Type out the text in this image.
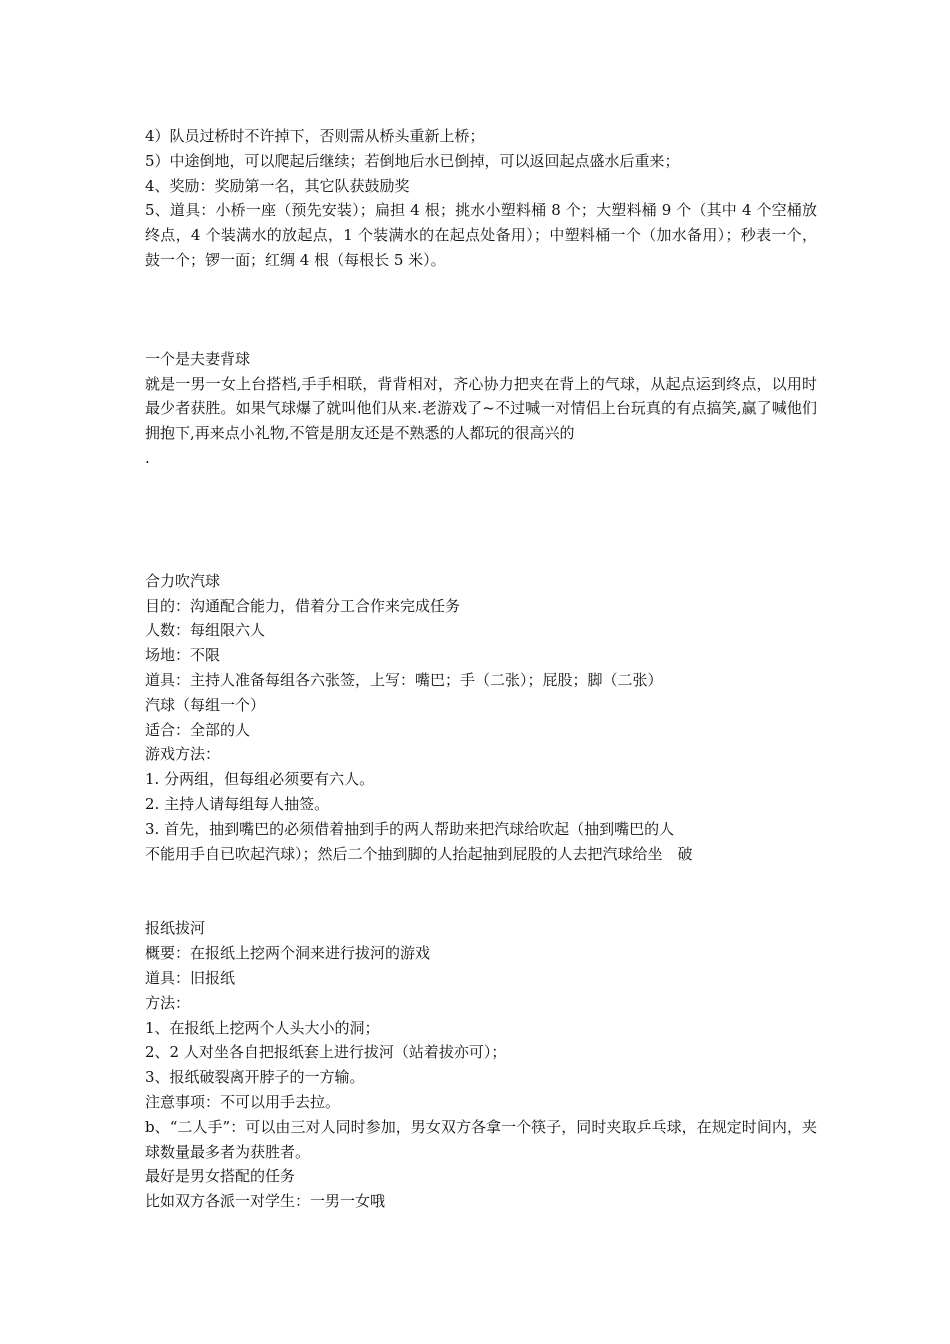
4）队员过桥时不许掉下，否则需从桥头重新上桥；
5）中途倒地，可以爬起后继续；若倒地后水已倒掉，可以返回起点盛水后重来；
4、奖励：奖励第一名，其它队获鼓励奖
5、道具：小桥一座（预先安装）；扁担 4 根；挑水小塑料桶 8 个；大塑料桶 9 个（其中 4 个空桶放终点，4 个装满水的放起点，1 个装满水的在起点处备用）；中塑料桶一个（加水备用）；秒表一个，鼓一个；锣一面；红绸 4 根（每根长 5 米）。
一个是夫妻背球
就是一男一女上台搭档,手手相联，背背相对，齐心协力把夹在背上的气球，从起点运到终点，以用时最少者获胜。如果气球爆了就叫他们从来.老游戏了~不过喊一对情侣上台玩真的有点搞笑,赢了喊他们拥抱下,再来点小礼物,不管是朋友还是不熟悉的人都玩的很高兴的
.
合力吹汽球
目的：沟通配合能力，借着分工合作来完成任务
人数：每组限六人
场地：不限
道具：主持人准备每组各六张签，上写：嘴巴；手（二张）；屁股；脚（二张）
汽球（每组一个）
适合：全部的人
游戏方法：
1. 分两组，但每组必须要有六人。
2. 主持人请每组每人抽签。
3. 首先，抽到嘴巴的必须借着抽到手的两人帮助来把汽球给吹起（抽到嘴巴的人
不能用手自已吹起汽球）；然后二个抽到脚的人抬起抽到屁股的人去把汽球给坐　破
报纸拔河
概要：在报纸上挖两个洞来进行拔河的游戏
道具：旧报纸
方法：
1、在报纸上挖两个人头大小的洞；
2、2 人对坐各自把报纸套上进行拔河（站着拔亦可）；
3、报纸破裂离开脖子的一方输。
注意事项：不可以用手去拉。
b、“二人手”：可以由三对人同时参加，男女双方各拿一个筷子，同时夹取乒乓球，在规定时间内，夹球数量最多者为获胜者。
最好是男女搭配的任务
比如双方各派一对学生：一男一女哦
